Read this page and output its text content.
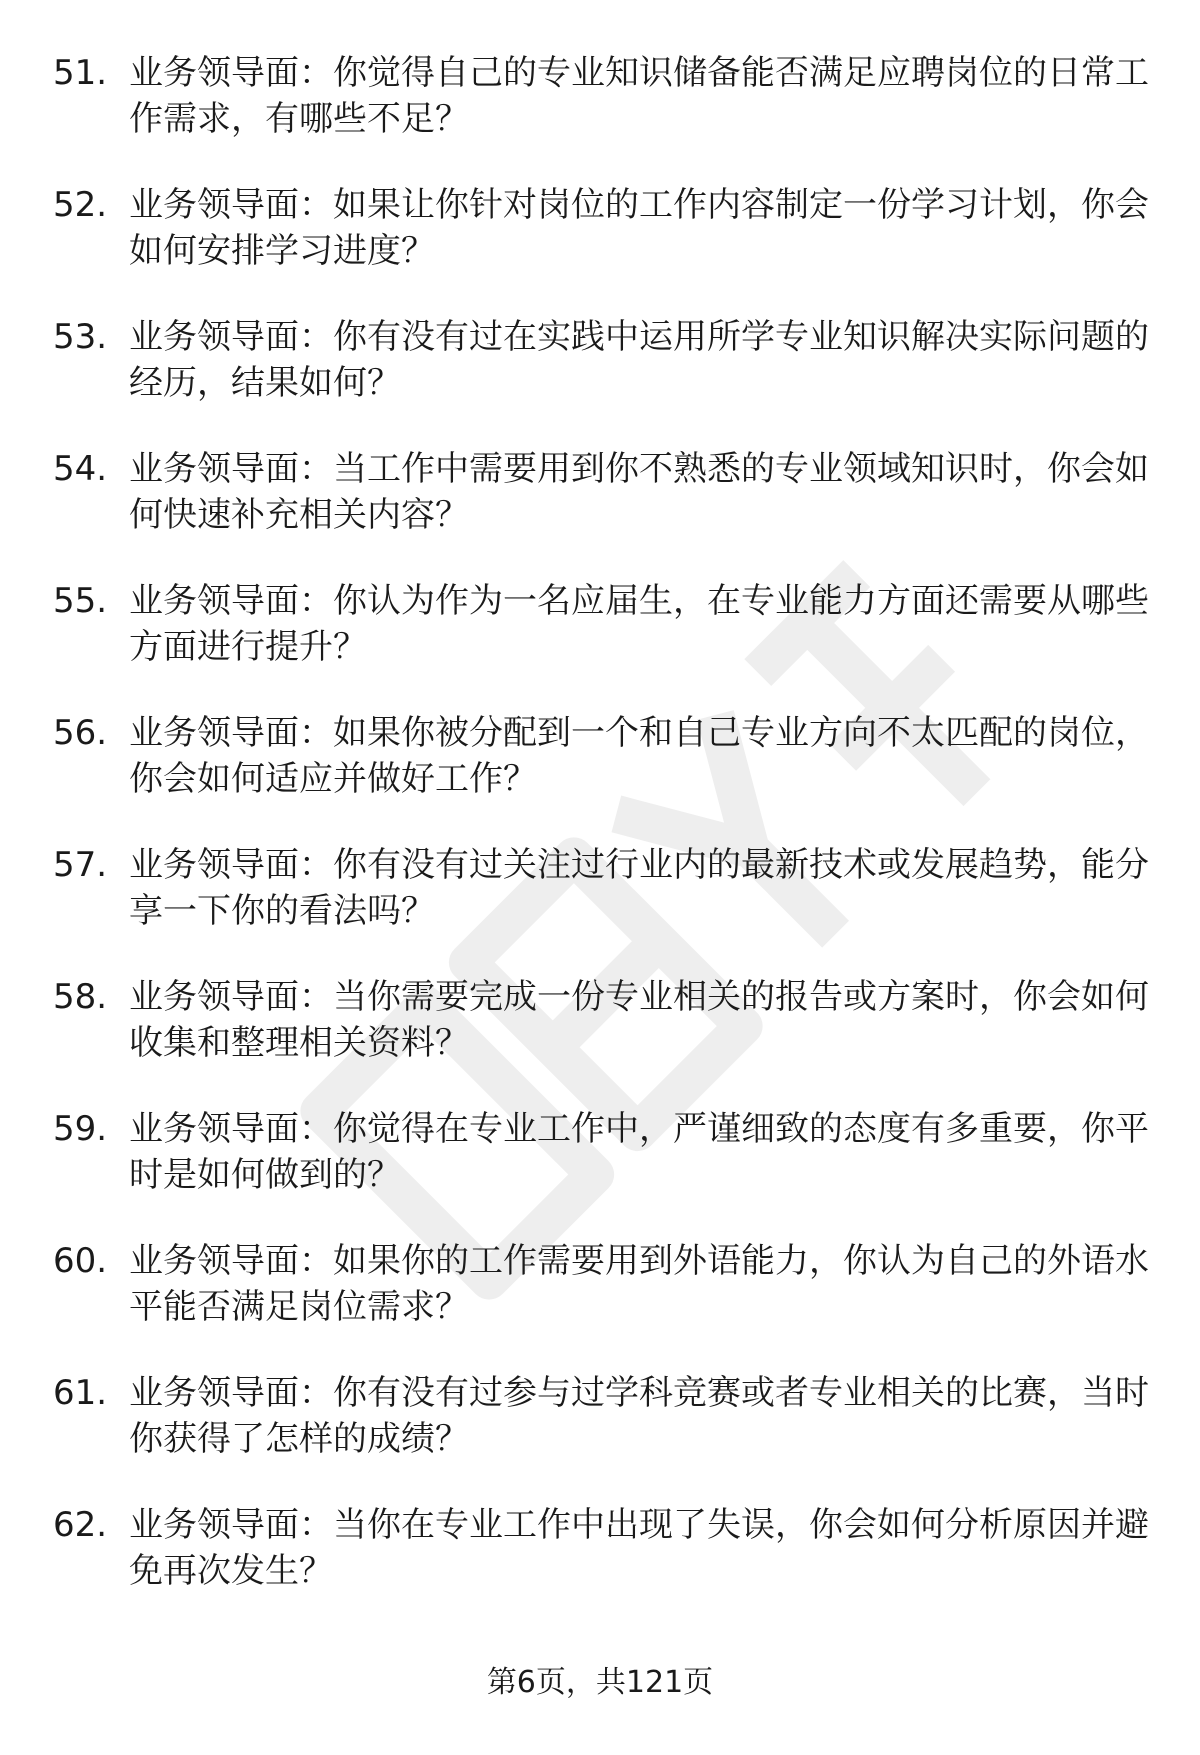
51. 业务领导面：你觉得自己的专业知识储备能否满足应聘岗位的日常工作需求，有哪些不足？
52. 业务领导面：如果让你针对岗位的工作内容制定一份学习计划，你会如何安排学习进度？
53. 业务领导面：你有没有过在实践中运用所学专业知识解决实际问题的经历，结果如何？
54. 业务领导面：当工作中需要用到你不熟悉的专业领域知识时，你会如何快速补充相关内容？
55. 业务领导面：你认为作为一名应届生，在专业能力方面还需要从哪些方面进行提升？
56. 业务领导面：如果你被分配到一个和自己专业方向不太匹配的岗位，你会如何适应并做好工作？
57. 业务领导面：你有没有过关注过行业内的最新技术或发展趋势，能分享一下你的看法吗？
58. 业务领导面：当你需要完成一份专业相关的报告或方案时，你会如何收集和整理相关资料？
59. 业务领导面：你觉得在专业工作中，严谨细致的态度有多重要，你平时是如何做到的？
60. 业务领导面：如果你的工作需要用到外语能力，你认为自己的外语水平能否满足岗位需求？
61. 业务领导面：你有没有过参与过学科竞赛或者专业相关的比赛，当时你获得了怎样的成绩？
62. 业务领导面：当你在专业工作中出现了失误，你会如何分析原因并避免再次发生？
第6页，共121页
